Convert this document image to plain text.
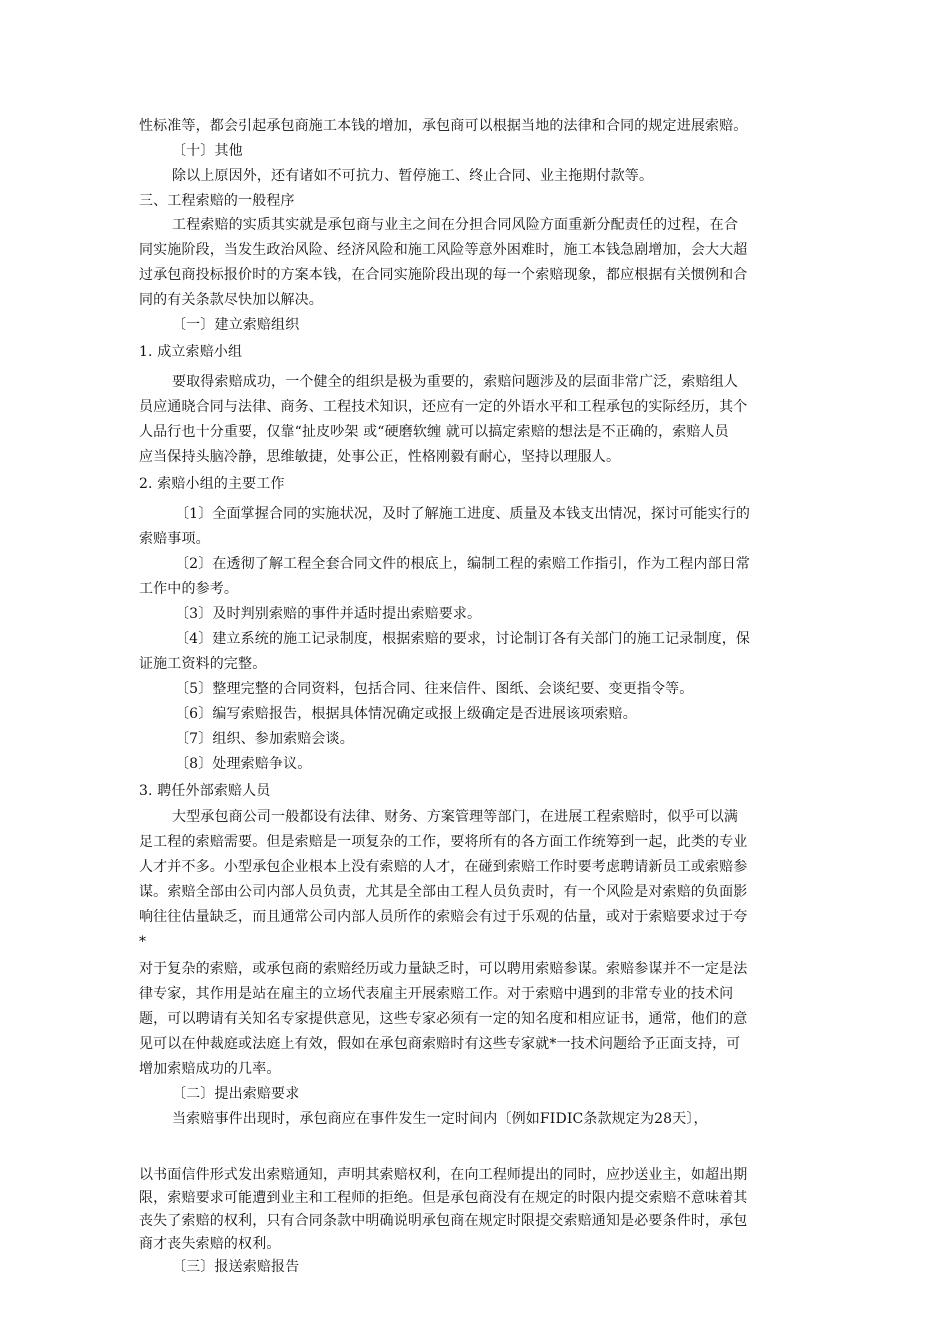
性标准等，都会引起承包商施工本钱的增加，承包商可以根据当地的法律和合同的规定进展索赔。
〔十〕其他
除以上原因外，还有诸如不可抗力、暂停施工、终止合同、业主拖期付款等。
三、工程索赔的一般程序
工程索赔的实质其实就是承包商与业主之间在分担合同风险方面重新分配责任的过程，在合
同实施阶段，当发生政治风险、经济风险和施工风险等意外困难时，施工本钱急剧增加，会大大超
过承包商投标报价时的方案本钱，在合同实施阶段出现的每一个索赔现象，都应根据有关惯例和合
同的有关条款尽快加以解决。
〔一〕建立索赔组织
1. 成立索赔小组
要取得索赔成功，一个健全的组织是极为重要的，索赔问题涉及的层面非常广泛，索赔组人
员应通晓合同与法律、商务、工程技术知识，还应有一定的外语水平和工程承包的实际经历，其个
人品行也十分重要，仅靠“扯皮吵架 或“硬磨软缠 就可以搞定索赔的想法是不正确的，索赔人员
应当保持头脑冷静，思维敏捷，处事公正，性格刚毅有耐心，坚持以理服人。
2. 索赔小组的主要工作
〔1〕全面掌握合同的实施状况，及时了解施工进度、质量及本钱支出情况，探讨可能实行的
索赔事项。
〔2〕在透彻了解工程全套合同文件的根底上，编制工程的索赔工作指引，作为工程内部日常
工作中的参考。
〔3〕及时判别索赔的事件并适时提出索赔要求。
〔4〕建立系统的施工记录制度，根据索赔的要求，讨论制订各有关部门的施工记录制度，保
证施工资料的完整。
〔5〕整理完整的合同资料，包括合同、往来信件、图纸、会谈纪要、变更指令等。
〔6〕编写索赔报告，根据具体情况确定或报上级确定是否进展该项索赔。
〔7〕组织、参加索赔会谈。
〔8〕处理索赔争议。
3. 聘任外部索赔人员
大型承包商公司一般都设有法律、财务、方案管理等部门，在进展工程索赔时，似乎可以满
足工程的索赔需要。但是索赔是一项复杂的工作，要将所有的各方面工作统筹到一起，此类的专业
人才并不多。小型承包企业根本上没有索赔的人才，在碰到索赔工作时要考虑聘请新员工或索赔参
谋。索赔全部由公司内部人员负责，尤其是全部由工程人员负责时，有一个风险是对索赔的负面影
响往往估量缺乏，而且通常公司内部人员所作的索赔会有过于乐观的估量，或对于索赔要求过于夸
*
对于复杂的索赔，或承包商的索赔经历或力量缺乏时，可以聘用索赔参谋。索赔参谋并不一定是法
律专家，其作用是站在雇主的立场代表雇主开展索赔工作。对于索赔中遇到的非常专业的技术问
题，可以聘请有关知名专家提供意见，这些专家必须有一定的知名度和相应证书，通常，他们的意
见可以在仲裁庭或法庭上有效，假如在承包商索赔时有这些专家就*一技术问题给予正面支持，可
增加索赔成功的几率。
〔二〕提出索赔要求
当索赔事件出现时，承包商应在事件发生一定时间内〔例如FIDIC条款规定为28天〕，
以书面信件形式发出索赔通知，声明其索赔权利，在向工程师提出的同时，应抄送业主，如超出期
限，索赔要求可能遭到业主和工程师的拒绝。但是承包商没有在规定的时限内提交索赔不意味着其
丧失了索赔的权利，只有合同条款中明确说明承包商在规定时限提交索赔通知是必要条件时，承包
商才丧失索赔的权利。
〔三〕报送索赔报告
